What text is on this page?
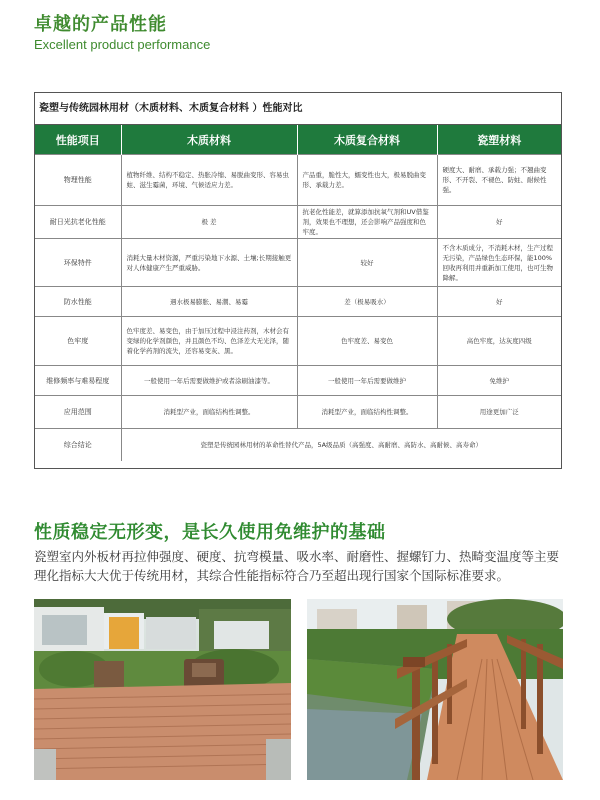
卓越的产品性能
Excellent product performance
瓷塑与传统园林用材（木质材料、木质复合材料 ）性能对比
性能项目	木质材料	木质复合材料	瓷塑材料
物理性能	植物纤维、结构不稳定、热胀冷缩、易脱曲变形、容易虫蛀、滋生霉菌，环境、气候适应力差。	产品重，脆性大，蠕变性也大，极易脱曲变形、承载力差。	硬度大、耐磨、承载力强；不翘曲变形、不开裂、不褪色、防蛀、耐候性强。
耐日光抗老化性能	极 差	抗老化性能差，就算添加抗氧气剂和UV借鉴剂，效果也不理想，还会影响产品强度和色牢度。	好
环保特件	消耗大量木材资源，严重污染地下水源、土壤;长期接触更对人体健康产生严重威胁。	较好	不含木质成分，不消耗木材，生产过程无污染，产品绿色生态环保，能100%回收再利用并重新加工使用，也可生物降解。
防水性能	遇水极易膨胀、易潮、易霉	差（极易吸水）	好
色牢度	色牢度差、易变色，由于加压过程中浸注药剂，木材会有变绿的化学剂颜色，并且颜色不均、色泽差大无光泽，随着化学药剂的流失，还容易变灰、黑。	色牢度差、易变色	高色牢度，达灰度四级
维修频率与难易程度	一般使用一年后需要做维护或者涂刷油漆等。	一般使用一年后需要做维护	免维护
应用范围	消耗型产业，面临结构性调整。	消耗型产业，面临结构性调整。	用途更加广泛
综合结论	瓷塑是传统园林用材的革命性替代产品，5A级品质（高强度、高耐磨、高防水、高耐候、高寿命）		
性质稳定无形变，是长久使用免维护的基础
瓷塑室内外板材再拉伸强度、硬度、抗弯模量、吸水率、耐磨性、握螺钉力、热畸变温度等主要理化指标大大优于传统用材，其综合性能指标符合乃至超出现行国家个国际标准要求。
